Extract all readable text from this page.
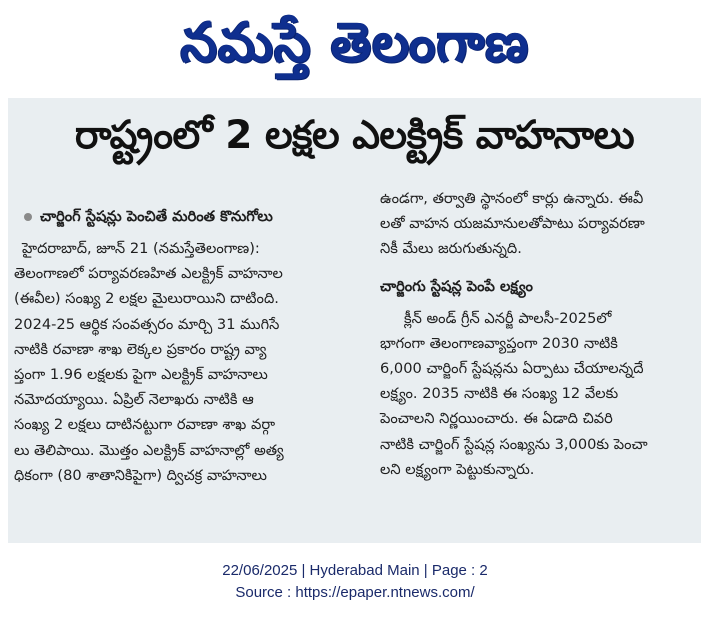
నమస్తే తెలంగాణ
రాష్ట్రంలో 2 లక్షల ఎలక్ట్రిక్ వాహనాలు
చార్జింగ్ స్టేషన్లు పెంచితే మరింత కొనుగోలు
హైదరాబాద్, జూన్ 21 (నమస్తేతెలంగాణ):
తెలంగాణలో పర్యావరణహిత ఎలక్ట్రిక్ వాహనాల
(ఈవీల) సంఖ్య 2 లక్షల మైలురాయిని దాటింది.
2024-25 ఆర్థిక సంవత్సరం మార్చి 31 ముగిసే
నాటికి రవాణా శాఖ లెక్కల ప్రకారం రాష్ట్ర వ్యా
ప్తంగా 1.96 లక్షలకు పైగా ఎలక్ట్రిక్ వాహనాలు
నమోదయ్యాయి. ఏప్రిల్ నెలాఖరు నాటికి ఆ
సంఖ్య 2 లక్షలు దాటినట్టుగా రవాణా శాఖ వర్గా
లు తెలిపాయి. మొత్తం ఎలక్ట్రిక్ వాహనాల్లో అత్య
ధికంగా (80 శాతానికిపైగా) ద్విచక్ర వాహనాలు
ఉండగా, తర్వాతి స్థానంలో కార్లు ఉన్నారు. ఈవీ
లతో వాహన యజమానులతోపాటు పర్యావరణా
నికీ మేలు జరుగుతున్నది.
చార్జింగు స్టేషన్ల పెంపే లక్ష్యం
క్లీన్ అండ్ గ్రీన్ ఎనర్జీ పాలసీ-2025లో
భాగంగా తెలంగాణవ్యాప్తంగా 2030 నాటికి
6,000 చార్జింగ్ స్టేషన్లను ఏర్పాటు చేయాలన్నదే
లక్ష్యం. 2035 నాటికి ఈ సంఖ్య 12 వేలకు
పెంచాలని నిర్ణయించారు. ఈ ఏడాది చివరి
నాటికి చార్జింగ్ స్టేషన్ల సంఖ్యను 3,000కు పెంచా
లని లక్ష్యంగా పెట్టుకున్నారు.
22/06/2025 | Hyderabad Main | Page : 2
Source : https://epaper.ntnews.com/
